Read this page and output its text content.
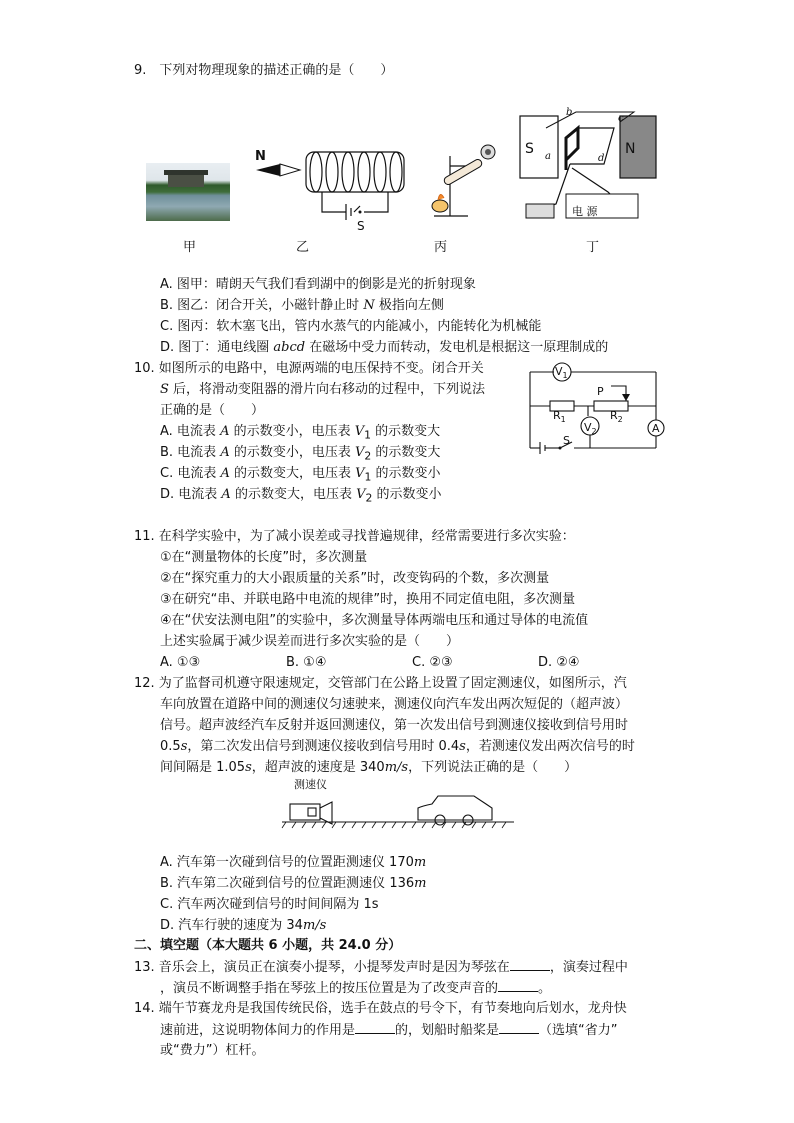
9.　下列对物理现象的描述正确的是（　　）
甲
N
S
乙	丙
S	N
a
b
c
d
电 源
丁
A. 图甲：晴朗天气我们看到湖中的倒影是光的折射现象
B. 图乙：闭合开关，小磁针静止时 N 极指向左侧
C. 图丙：软木塞飞出，管内水蒸气的内能减小，内能转化为机械能
D. 图丁：通电线圈 abcd 在磁场中受力而转动，发电机是根据这一原理制成的
10. 如图所示的电路中，电源两端的电压保持不变。闭合开关
S 后，将滑动变阻器的滑片向右移动的过程中，下列说法
正确的是（　　）
A. 电流表 A 的示数变小，电压表 $V_1$ 的示数变大
B. 电流表 A 的示数变小，电压表 $V_2$ 的示数变大
C. 电流表 A 的示数变大，电压表 $V_1$ 的示数变小
D. 电流表 A 的示数变大，电压表 $V_2$ 的示数变小
$V_1$
P
$R_1$	$R_2$
$V_2$	A
S
11. 在科学实验中，为了减小误差或寻找普遍规律，经常需要进行多次实验：
①在“测量物体的长度”时，多次测量
②在“探究重力的大小跟质量的关系”时，改变钩码的个数，多次测量
③在研究“串、并联电路中电流的规律”时，换用不同定值电阻，多次测量
④在“伏安法测电阻”的实验中，多次测量导体两端电压和通过导体的电流值
上述实验属于减少误差而进行多次实验的是（　　）
A. ①③	B. ①④	C. ②③	D. ②④
12. 为了监督司机遵守限速规定，交管部门在公路上设置了固定测速仪，如图所示，汽
车向放置在道路中间的测速仪匀速驶来，测速仪向汽车发出两次短促的（超声波）
信号。超声波经汽车反射并返回测速仪，第一次发出信号到测速仪接收到信号用时
0.5s，第二次发出信号到测速仪接收到信号用时 0.4s，若测速仪发出两次信号的时
间间隔是 1.05s，超声波的速度是 340m/s，下列说法正确的是（　　）
测速仪
A. 汽车第一次碰到信号的位置距测速仪 170m
B. 汽车第二次碰到信号的位置距测速仪 136m
C. 汽车两次碰到信号的时间间隔为 1s
D. 汽车行驶的速度为 34m/s
二、填空题（本大题共 6 小题，共 24.0 分）
13. 音乐会上，演员正在演奏小提琴，小提琴发声时是因为琴弦在	，演奏过程中
，演员不断调整手指在琴弦上的按压位置是为了改变声音的	。
14. 端午节赛龙舟是我国传统民俗，选手在鼓点的号令下，有节奏地向后划水，龙舟快
速前进，这说明物体间力的作用是	的，划船时船桨是	（选填“省力”
或“费力”）杠杆。
